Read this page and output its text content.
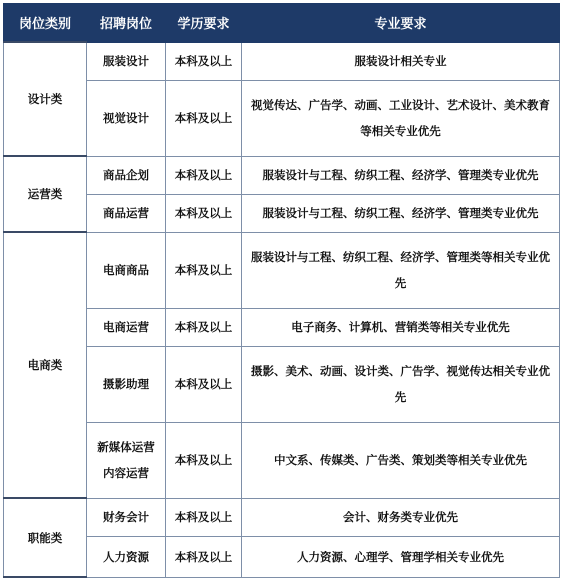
岗位类别	招聘岗位	学历要求	专业要求
设计类	服装设计	本科及以上	服装设计相关专业
	视觉设计	本科及以上	视觉传达、广告学、动画、工业设计、艺术设计、美术教育等相关专业优先
运营类	商品企划	本科及以上	服装设计与工程、纺织工程、经济学、管理类专业优先
	商品运营	本科及以上	服装设计与工程、纺织工程、经济学、管理类专业优先
电商类	电商商品	本科及以上	服装设计与工程、纺织工程、经济学、管理类等相关专业优先
	电商运营	本科及以上	电子商务、计算机、营销类等相关专业优先
	摄影助理	本科及以上	摄影、美术、动画、设计类、广告学、视觉传达相关专业优先
	新媒体运营内容运营	本科及以上	中文系、传媒类、广告类、策划类等相关专业优先
职能类	财务会计	本科及以上	会计、财务类专业优先
	人力资源	本科及以上	人力资源、心理学、管理学相关专业优先
